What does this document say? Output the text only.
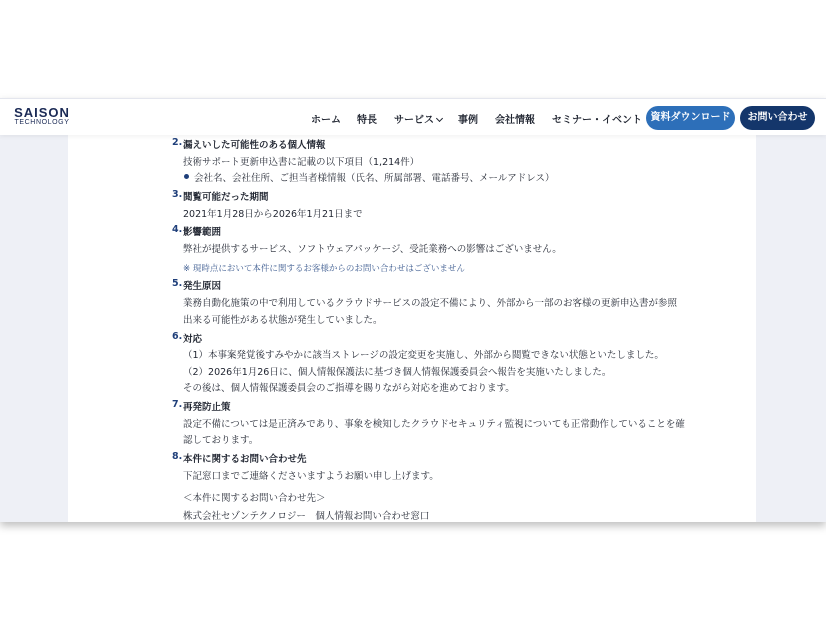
SAISON
TECHNOLOGY	ホーム 特長 サービス	事例 会社情報 セミナー・イベント 資料ダウンロード	お問い合わせ
2. 漏えいした可能性のある個人情報
技術サポート更新申込書に記載の以下項目（1,214件）
会社名、会社住所、ご担当者様情報（氏名、所属部署、電話番号、メールアドレス）
3. 閲覧可能だった期間
2021年1月28日から2026年1月21日まで
4. 影響範囲
弊社が提供するサービス、ソフトウェアパッケージ、受託業務への影響はございません。
※ 現時点において本件に関するお客様からのお問い合わせはございません
5. 発生原因
業務自動化施策の中で利用しているクラウドサービスの設定不備により、外部から一部のお客様の更新申込書が参照
出来る可能性がある状態が発生していました。
6. 対応
（1）本事案発覚後すみやかに該当ストレージの設定変更を実施し、外部から閲覧できない状態といたしました。
（2）2026年1月26日に、個人情報保護法に基づき個人情報保護委員会へ報告を実施いたしました。
その後は、個人情報保護委員会のご指導を賜りながら対応を進めております。
7. 再発防止策
設定不備については是正済みであり、事象を検知したクラウドセキュリティ監視についても正常動作していることを確
認しております。
8. 本件に関するお問い合わせ先
下記窓口までご連絡くださいますようお願い申し上げます。
＜本件に関するお問い合わせ先＞
株式会社セゾンテクノロジー　個人情報お問い合わせ窓口
